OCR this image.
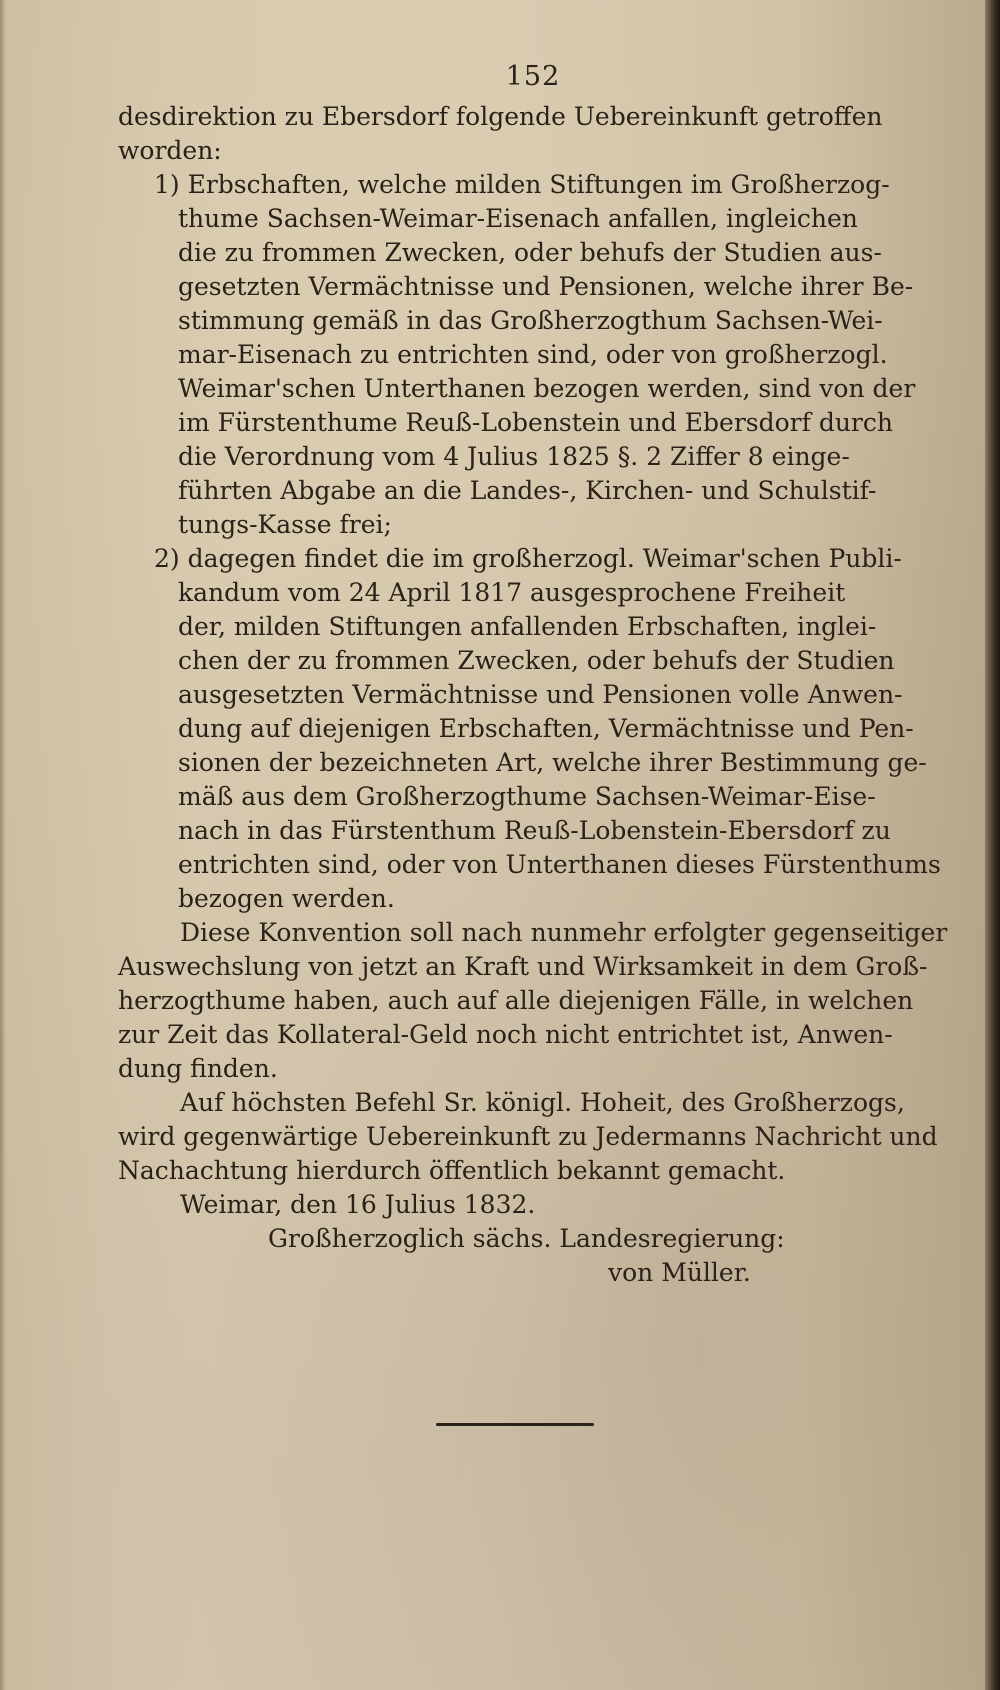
152
desdirektion zu Ebersdorf folgende Uebereinkunft getroffen
worden:
1) Erbschaften, welche milden Stiftungen im Großherzog-
thume Sachsen-Weimar-Eisenach anfallen, ingleichen
die zu frommen Zwecken, oder behufs der Studien aus-
gesetzten Vermächtnisse und Pensionen, welche ihrer Be-
stimmung gemäß in das Großherzogthum Sachsen-Wei-
mar-Eisenach zu entrichten sind, oder von großherzogl.
Weimar'schen Unterthanen bezogen werden, sind von der
im Fürstenthume Reuß-Lobenstein und Ebersdorf durch
die Verordnung vom 4 Julius 1825 §. 2 Ziffer 8 einge-
führten Abgabe an die Landes-, Kirchen- und Schulstif-
tungs-Kasse frei;
2) dagegen findet die im großherzogl. Weimar'schen Publi-
kandum vom 24 April 1817 ausgesprochene Freiheit
der, milden Stiftungen anfallenden Erbschaften, inglei-
chen der zu frommen Zwecken, oder behufs der Studien
ausgesetzten Vermächtnisse und Pensionen volle Anwen-
dung auf diejenigen Erbschaften, Vermächtnisse und Pen-
sionen der bezeichneten Art, welche ihrer Bestimmung ge-
mäß aus dem Großherzogthume Sachsen-Weimar-Eise-
nach in das Fürstenthum Reuß-Lobenstein-Ebersdorf zu
entrichten sind, oder von Unterthanen dieses Fürstenthums
bezogen werden.
Diese Konvention soll nach nunmehr erfolgter gegenseitiger
Auswechslung von jetzt an Kraft und Wirksamkeit in dem Groß-
herzogthume haben, auch auf alle diejenigen Fälle, in welchen
zur Zeit das Kollateral-Geld noch nicht entrichtet ist, Anwen-
dung finden.
Auf höchsten Befehl Sr. königl. Hoheit, des Großherzogs,
wird gegenwärtige Uebereinkunft zu Jedermanns Nachricht und
Nachachtung hierdurch öffentlich bekannt gemacht.
Weimar, den 16 Julius 1832.
Großherzoglich sächs. Landesregierung:
von Müller.
